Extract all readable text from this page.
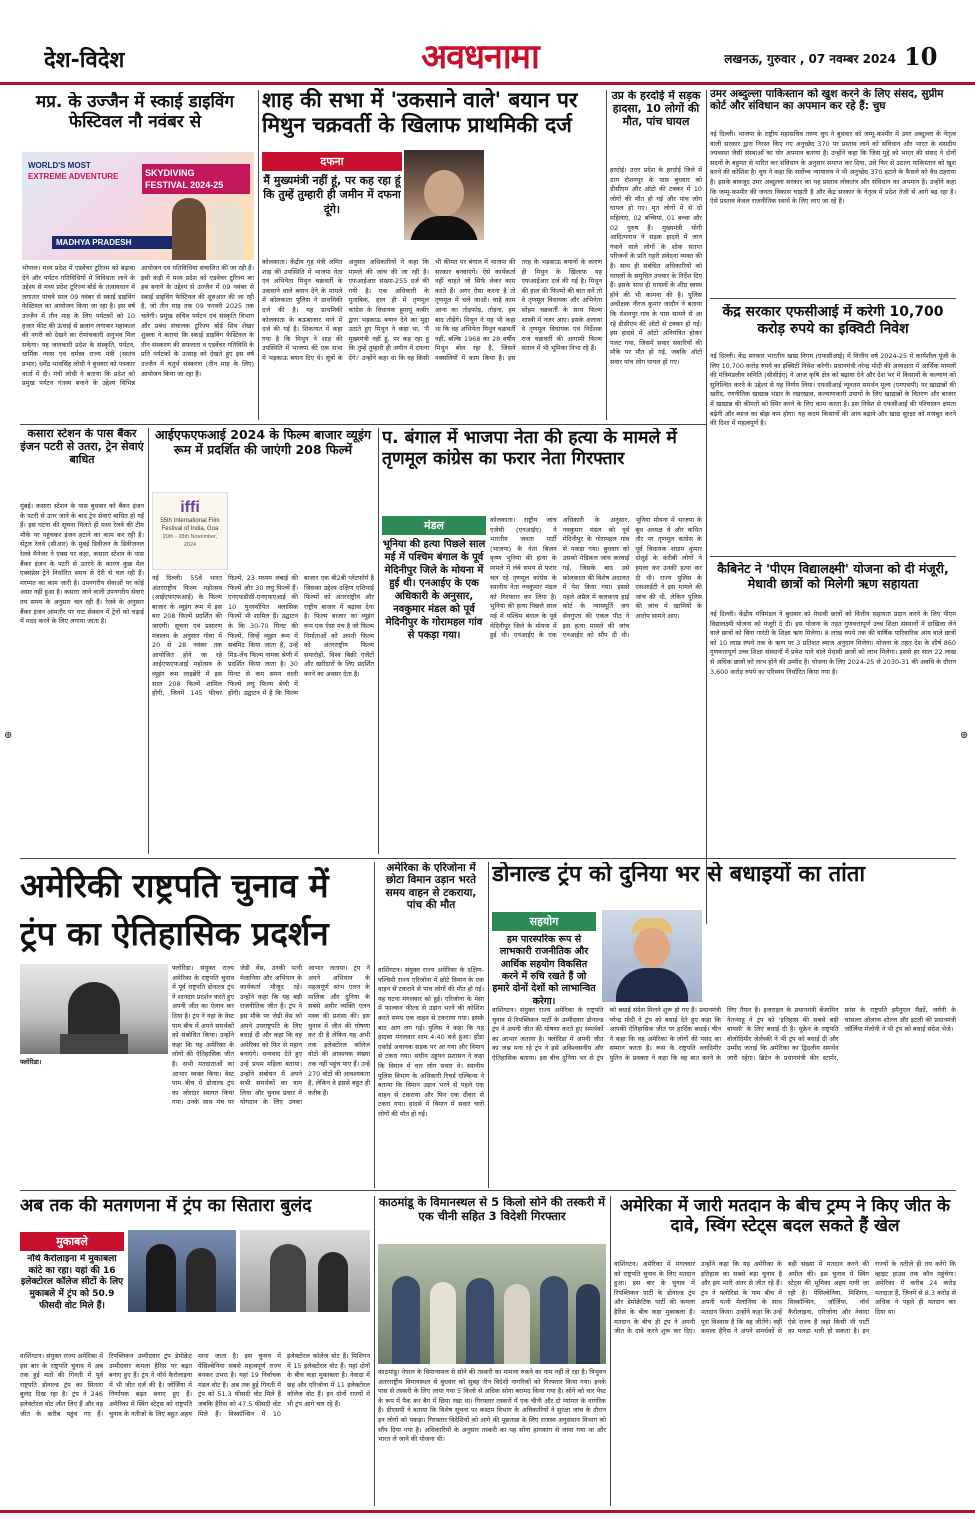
देश-विदेश	अवधनामा	लखनऊ, गुरुवार , 07 नवम्बर 2024 10
मप्र. के उज्जैन में स्काई डाइविंग फेस्टिवल नौ नवंबर से
WORLD'S MOST
EXTREME ADVENTURE	SKYDIVING
FESTIVAL 2024-25
MADHYA PRADESH
भोपाल। मध्य प्रदेश में एडवेंचर टूरिज्म को बढ़ावा देने और पर्यटन गतिविधियों में विविधता लाने के उद्देश्य से मध्य प्रदेश टूरिज्म बोर्ड के तत्वावधान में लगातार पांचवे साल 09 नवंबर से स्काई डाइविंग फेस्टिवल का आयोजन किया जा रहा है। इस वर्ष उज्जैन में तीन माह के लिए पर्यटकों को 10 हजार फीट की ऊंचाई से छलांग लगाकर महाकाल की नगरी को देखने का रोमांचकारी अनुभव मिल सकेगा। यह जानकारी प्रदेश के संस्कृति, पर्यटन, धार्मिक न्यास एवं धर्मस्व राज्य मंत्री (स्वतंत्र प्रभार) धर्मेंद्र भावसिंह लोधी ने बुधवार को पत्रकार वार्ता में दी। मंत्री लोधी ने बताया कि प्रदेश को प्रमुख पर्यटन गंतव्य बनाने के उद्देश्य विभिन्न आयोजन एवं गतिविधियां संचालित की जा रही हैं। इसी कड़ी में मध्य प्रदेश को एडवेंचर टूरिज्म का हब बनाने के उद्देश्य से उज्जैन में 09 नवंबर से स्काई डाइविंग फेस्टिवल की शुरुआत की जा रही है, जो तीन माह तक 09 फरवरी 2025 तक चलेगी। प्रमुख सचिव पर्यटन एवं संस्कृति विभाग और प्रबंध संचालक टूरिज्म बोर्ड शिव शेखर शुक्ला ने बताया कि स्काई डाइविंग फेस्टिवल के तीन संस्करण की सफलता व एडवेंचर गतिविधि के प्रति पर्यटकों के उत्साह को देखते हुए इस वर्ष उज्जैन में चतुर्थ संस्करण (तीन माह के लिए) आयोजन किया जा रहा है।
शाह की सभा में 'उकसाने वाले' बयान पर मिथुन चक्रवर्ती के खिलाफ प्राथमिकी दर्ज
दफना
मैं मुख्यमंत्री नहीं हूं, पर कह रहा हूं कि तुम्हें तुम्हारी ही जमीन में दफना दूंगे।
कोलकाता। केंद्रीय गृह मंत्री अमित शाह की उपस्थिति में भाजपा नेता एवं अभिनेता मिथुन चक्रवर्ती के उकसाने वाले बयान देने के मामले में कोलकाता पुलिस ने प्राथमिकी दर्ज की है। यह प्राथमिकी कोलकाता के बऊबाजार थाने में दर्ज की गई है। शिकायत में कहा गया है कि मिथुन ने शाह की उपस्थिति में भाजपा की एक सभा में भड़काऊ बयान दिए थे। सूत्रों के अनुसार अधिकारियों ने कहा कि मामले की जांच की जा रही है। एफआईआर संख्या-255 दर्ज की गयी है। एक अधिकारी के मुताबिक, हाल ही में तृणमूल कांग्रेस के विधायक हुमायूं कबीर द्वारा भड़काऊ बयान देने का मुद्दा उठाते हुए मिथुन ने कहा था, 'मैं मुख्यमंत्री नहीं हूं, पर कह रहा हूं कि तुम्हें तुम्हारी ही जमीन में दफना देंगे।' उन्होंने कहा था कि वह किसी भी कीमत पर बंगाल में भाजपा की सरकार बनवाएंगे। ऐसे कार्यकर्ता नहीं चाहते जो सिर्फ लेकर काम करते हैं। अगर ऐसा करना है तो तृणमूल में चले जाओ। चाहे काम आना का तोड़फोड़, तोड़ना, हम बाद तोड़ेंगे। मिथुन ने यह भी कहा था कि वह अभिनेता मिथुन चक्रवर्ती नहीं, बल्कि 1968 का 28 वर्षीय मिथुन बोल रहा है, जिसने नक्सलियों में काम किया है। इस तरह के भड़काऊ बयानों के कारण ही मिथुन के खिलाफ यह एफआईआर दर्ज की गई है। मिथुन की हाल की फिल्मों की बात करें तो वे तृणमूल विधायक और अभिनेता सोहम चक्रवर्ती के साथ फिल्म शास्त्री में नजर आए। इसके अलावा वे तृणमूल विधायक एवं निर्देशक राज चक्रवर्ती की आगामी फिल्म संतान में भी भूमिका निभा रहे हैं।
उप्र के हरदोई में सड़क हादसा, 10 लोगों की मौत, पांच घायल
हरदोई। उत्तर प्रदेश के हरदोई जिले में ग्राम रोशनपुर के पास बुधवार को डीसीएम और ऑटो की टक्कर में 10 लोगों की मौत हो गई और पांच लोग घायल हो गए। मृत लोगों में से दो महिलाएं, 02 बच्चियां, 01 बच्चा और 02 पुरुष हैं। मुख्यमंत्री योगी आदित्यनाथ ने सड़क हादसे में जान गंवाने वाले लोगों के शोक संतप्त परिजनों के प्रति गहरी संवेदना व्यक्त की है। साथ ही संबंधित अधिकारियों को घायलों के समुचित उपचार के निर्देश दिए हैं। इसके साथ ही घायलों के शीघ्र स्वस्थ होने की भी कामना की है। पुलिस अधीक्षक नीरज कुमार जादौन ने बताया कि रोशनपुर गांव के पास सामने से आ रहे डीसीएम की ऑटो से टक्कर हो गई। इस हादसे में ऑटो अनियंत्रित होकर पलट गया, जिसमें सवार सवारियों की मौके पर मौत हो गई, जबकि ऑटो सवार पांच लोग घायल हो गए।
उमर अब्दुल्ला पाकिस्तान को खुश करने के लिए संसद, सुप्रीम कोर्ट और संविधान का अपमान कर रहे हैं: चुघ
नई दिल्ली। भाजपा के राष्ट्रीय महासचिव तरुण चुघ ने बुधवार को जम्मू-कश्मीर में उमर अब्दुल्ला के नेतृत्व वाली सरकार द्वारा निरस्त किए गए अनुच्छेद 370 पर प्रस्ताव लाने को संविधान और भारत के संसदीय ज्यवस्था जैसी संस्थाओं का घोर अपमान बताया है। उन्होंने कहा कि जिस मुद्दे को भारत की संसद ने दोनों सदनों के बहुमत से पारित कर संविधान के अनुसार समाप्त कर दिया, उसे फिर से उठाना पाकिस्तान को खुश करने की कोशिश है। चुघ ने कहा कि सर्वोच्च न्यायालय ने भी अनुच्छेद 370 हटाने के फैसले को वैध ठहराया है। इसके बावजूद उमर अब्दुल्ला सरकार का यह प्रस्ताव लोकतंत्र और संविधान का अपमान है। उन्होंने कहा कि जम्मू-कश्मीर की जनता विकास चाहती है और केंद्र सरकार के नेतृत्व में प्रदेश तेजी से आगे बढ़ रहा है। ऐसे प्रस्ताव केवल राजनीतिक स्वार्थ के लिए लाए जा रहे हैं।
केंद्र सरकार एफसीआई में करेगी 10,700 करोड़ रुपये का इक्विटी निवेश
नई दिल्ली। केंद्र सरकार भारतीय खाद्य निगम (एफसीआई) में वित्तीय वर्ष 2024-25 में कार्यशील पूंजी के लिए 10,700 करोड़ रुपये का इक्विटी निवेश करेगी। प्रधानमंत्री नरेन्द्र मोदी की अध्यक्षता में आर्थिक मामलों की मंत्रिमंडलीय समिति (सीसीईए) ने आज कृषि क्षेत्र को बढ़ावा देने और देश भर में किसानों के कल्याण को सुनिश्चित करने के उद्देश्य से यह निर्णय लिया। एफसीआई न्यूनतम समर्थन मूल्य (एमएसपी) पर खाद्यान्नों की खरीद, रणनीतिक खाद्यान्न भंडार के रखरखाव, कल्याणकारी उपायों के लिए खाद्यान्नों के वितरण और बाजार में खाद्यान्न की कीमतों को स्थिर करने के लिए काम करता है। इस निवेश से एफसीआई की परिचालन क्षमता बढ़ेगी और ब्याज का बोझ कम होगा। यह कदम किसानों की आय बढ़ाने और खाद्य सुरक्षा को मजबूत करने की दिशा में महत्वपूर्ण है।
कैबिनेट ने 'पीएम विद्यालक्ष्मी' योजना को दी मंजूरी, मेधावी छात्रों को मिलेगी ऋण सहायता
नई दिल्ली। केंद्रीय मंत्रिमंडल ने बुधवार को मेधावी छात्रों को वित्तीय सहायता प्रदान करने के लिए पीएम विद्यालक्ष्मी योजना को मंजूरी दे दी। इस योजना के तहत गुणवत्तापूर्ण उच्च शिक्षा संस्थानों में दाखिला लेने वाले छात्रों को बिना गारंटी के शिक्षा ऋण मिलेगा। 8 लाख रुपये तक की वार्षिक पारिवारिक आय वाले छात्रों को 10 लाख रुपये तक के ऋण पर 3 प्रतिशत ब्याज अनुदान मिलेगा। योजना के तहत देश के शीर्ष 860 गुणवत्तापूर्ण उच्च शिक्षा संस्थानों में प्रवेश पाने वाले मेधावी छात्रों को लाभ मिलेगा। इससे हर साल 22 लाख से अधिक छात्रों को लाभ होने की उम्मीद है। योजना के लिए 2024-25 से 2030-31 की अवधि के दौरान 3,600 करोड़ रुपये का परिव्यय निर्धारित किया गया है।
कसारा स्टेशन के पास बैंकर इंजन पटरी से उतरा, ट्रेन सेवाएं बाधित
मुंबई। कसारा स्टेशन के पास बुधवार को बैंकर इंजन के पटरी से उतर जाने के बाद ट्रेन सेवाएं बाधित हो गईं हैं। इस घटना की सूचना मिलते ही मध्य रेलवे की टीम मौके पर पहुंचकर इंजन हटाने का काम कर रही है। सेंट्रल रेलवे (सीआर) के मुंबई डिवीजन के डिवीजनल रेलवे मैनेजर ने एक्स पर कहा, कसारा स्टेशन के पास बैंकर इंजन के पटरी से उतरने के कारण कुछ मेल एक्सप्रेस ट्रेनें निर्धारित समय से देरी से चल रही हैं। मरम्मत का काम जारी है। उपनगरीय सेवाओं पर कोई असर नहीं हुआ है। कसारा जाने वाली उपनगरीय सेवाएं तय समय के अनुसार चल रही हैं। रेलवे के अनुसार बैंकर इंजन आमतौर पर घाट सेक्शन में ट्रेनों को चढ़ाई में मदद करने के लिए लगाया जाता है।
आईएफएफआई 2024 के फिल्म बाजार व्यूइंग रूम में प्रदर्शित की जाएंगी 208 फिल्में
iffi
55th International Film Festival of India, Goa
20th - 28th November, 2024
नई दिल्ली। 55वें भारत अंतरराष्ट्रीय फिल्म महोत्सव (आईएफएफआई) के फिल्म बाजार के व्यूइंग रूम में इस बार 208 फिल्में प्रदर्शित की जाएंगी। सूचना एवं प्रसारण मंत्रालय के अनुसार गोवा में 20 से 28 नवंबर तक आयोजित होने जा रहे आईएफएफआई महोत्सव के व्यूइंग रूम लाइब्रेरी में इस साल 208 फिल्में शामिल होंगी, जिनमें 145 फीचर फिल्में, 23 मध्यम लंबाई की फिल्में और 30 लघु फिल्में हैं। एनएफडीसी-एनएफएआई की 10 पुनर्स्थापित क्लासिक फिल्में भी शामिल हैं। उद्घाटन के कि 30-70 मिनट की फिल्में, जिन्हें व्यूइंग रूम में सबमिट किया जाता है, उन्हें मिड-लेंथ फिल्म नामक श्रेणी में प्रदर्शित किया जाता है। 30 मिनट से कम समय वाली फिल्में लघु फिल्म श्रेणी में होंगी। उद्घाटन में है कि फिल्म बाजार एक बी2बी प्लेटफॉर्म है जिसका उद्देश्य दक्षिण एशियाई फिल्मों को अंतरराष्ट्रीय और राष्ट्रीय बाजार में बढ़ावा देना है। फिल्म बाजार का व्यूइंग रूम एक ऐसा मंच है जो फिल्म निर्माताओं को अपनी फिल्म को अंतरराष्ट्रीय फिल्म समारोहों, विश्व बिक्री एजेंटों और खरीदारों के लिए प्रदर्शित करने का अवसर देता है।
प. बंगाल में भाजपा नेता की हत्या के मामले में तृणमूल कांग्रेस का फरार नेता गिरफ्तार
मंडल
भूनिया की हत्या पिछले साल मई में पश्चिम बंगाल के पूर्व मेदिनीपुर जिले के मोयना में हुई थी। एनआईए के एक अधिकारी के अनुसार, नवकुमार मंडल को पूर्व मेदिनीपुर के गोरामहल गांव से पकड़ा गया।
कोलकाता। राष्ट्रीय जांच एजेंसी (एनआईए) ने भारतीय जनता पार्टी (भाजपा) के नेता बिजन कृष्ण भूनिया की हत्या के मामले में लंबे समय से फरार चल रहे तृणमूल कांग्रेस के स्थानीय नेता नवकुमार मंडल को गिरफ्तार कर लिया है। भूनिया की हत्या पिछले साल मई में पश्चिम बंगाल के पूर्व मेदिनीपुर जिले के मोयना में हुई थी। एनआईए के एक अधिकारी के अनुसार, नवकुमार मंडल को पूर्व मेदिनीपुर के गोरामहल गांव से पकड़ा गया। बुधवार को उसको मेडिकल जांच करवाई गई, जिसके बाद उसे कोलकाता की विशेष अदालत में पेश किया गया। इससे पहले अप्रैल में कलकत्ता हाई कोर्ट के न्यायमूर्ति जय सेनगुप्ता की एकल पीठ ने इस हत्या मामले की जांच एनआईए को सौंप दी थी। भूनिया मोयना में भाजपा के बूथ अध्यक्ष थे और कथित तौर पर तृणमूल कांग्रेस के पूर्व विधायक संग्राम कुमार दोलुई के करीबी लोगों ने हमला कर उनकी हत्या कर दी थी। राज्य पुलिस के एसआईटी ने इस मामले की जांच की थी, लेकिन पुलिस की जांच में खामियों के आरोप सामने आए।
अमेरिकी राष्ट्रपति चुनाव में ट्रंप का ऐतिहासिक प्रदर्शन
फ्लोरिडा।
फ्लोरिडा। संयुक्त राज्य अमेरिका के राष्ट्रपति चुनाव में पूर्व राष्ट्रपति डोनाल्ड ट्रंप ने शानदार प्रदर्शन करते हुए अपनी जीत का ऐलान कर दिया है। ट्रंप ने यहां के वेस्ट पाम बीच में अपने समर्थकों को संबोधित किया। उन्होंने कहा कि यह अमेरिका के लोगों की ऐतिहासिक जीत है। सभी मतदाताओं का आभार व्यक्त किया। वेस्ट पाम बीच में डोनाल्ड ट्रंप का जोरदार स्वागत किया गया। उनके साथ मंच पर जेडी वेंस, उनकी पत्नी मेलानिया और अभियान के कार्यकर्ता मौजूद रहे। उन्होंने कहा कि यह बड़ी राजनीतिक जीत है। ट्रंप ने इस मौके पर जेडी वेंस को अपने उपराष्ट्रपति के लिए बधाई दी और कहा कि वह अमेरिका को फिर से महान बनाएंगे। धन्यवाद देते हुए उन्हें प्रथम महिला बताया। उन्होंने संबोधन में अपने सभी समर्थकों का नाम लिया और चुनाव प्रचार में योगदान के लिए उनका आभार जताया। ट्रंप ने अपने अभियान के महत्वपूर्ण स्तंभ एलन के मालिक और दुनिया के सबसे अमीर व्यक्ति एलन मस्क की प्रशंसा की। इस चुनाव में जीत की घोषणा कर दी है लेकिन यह अभी तक इलेक्टोरल कॉलेज वोटों की आवश्यक संख्या तक नहीं पहुंच पाए हैं। उन्हें 270 वोटों की आवश्यकता है, लेकिन वे इससे बहुत ही करीब हैं।
अमेरिका के एरिजोना में छोटा विमान उड़ान भरते समय वाहन से टकराया, पांच की मौत
वाशिंगटन। संयुक्त राज्य अमेरिका के दक्षिण-पश्चिमी राज्य एरिजोना में छोटे विमान के एक वाहन से टकराने से पांच लोगों की मौत हो गई। यह घटना मंगलवार को हुई। एरिजोना के मेसा में फाल्कन फील्ड से उड़ान भरने की कोशिश करते समय एक वाहन से टकराया गया। इसके बाद आग लग गई। पुलिस ने कहा कि यह हादसा मंगलवार शाम 4:40 बजे हुआ। होंडा एकॉर्ड अचानक सड़क पर आ गया और विमान से टकरा गया। संघीय उड्डयन प्रशासन ने कहा कि विमान में चार लोग सवार थे। स्थानीय पुलिस विभाग के अधिकारी रिचर्ड एल्किन्स ने बताया कि विमान उड़ान भरने से पहले एक वाहन से टकराया और फिर एक दीवार से टकरा गया। हादसे में विमान में सवार चारों लोगों की मौत हो गई।
डोनाल्ड ट्रंप को दुनिया भर से बधाइयों का तांता
सहयोग
हम पारस्परिक रूप से लाभकारी राजनीतिक और आर्थिक सहयोग विकसित करने में रुचि रखते हैं जो हमारे दोनों देशों को लाभान्वित करेगा।
वाशिंगटन। संयुक्त राज्य अमेरिका के राष्ट्रपति चुनाव में रिपब्लिकन पार्टी के उम्मीदवार डोनाल्ड ट्रंप ने अपनी जीत की घोषणा करते हुए समर्थकों का आभार जताया है। फ्लोरिडा में अपनी जीत का जश्न मना रहे ट्रंप ने इसे अविश्वसनीय और ऐतिहासिक बताया। इस बीच दुनिया भर से ट्रंप को बधाई संदेश मिलने शुरू हो गए हैं। प्रधानमंत्री नरेन्द्र मोदी ने ट्रंप को बधाई देते हुए कहा कि आपकी ऐतिहासिक जीत पर हार्दिक बधाई। चीन ने कहा कि वह अमेरिका के लोगों की पसंद का सम्मान करता है। रूस के राष्ट्रपति व्लादिमीर पुतिन के प्रवक्ता ने कहा कि वह बात करने के लिए तैयार हैं। इजराइल के प्रधानमंत्री बेंजामिन नेतन्याहू ने ट्रंप को 'इतिहास की सबसे बड़ी वापसी' के लिए बधाई दी है। यूक्रेन के राष्ट्रपति वोलोदिमीर जेलेंस्की ने भी ट्रंप को बधाई दी और उम्मीद जताई कि अमेरिका का द्विदलीय समर्थन जारी रहेगा। ब्रिटेन के प्रधानमंत्री कीर स्टार्मर, फ्रांस के राष्ट्रपति इमैनुएल मैक्रों, जर्मनी के चांसलर ओलाफ शोल्ज और इटली की प्रधानमंत्री जॉर्जिया मेलोनी ने भी ट्रंप को बधाई संदेश भेजे।
अब तक की मतगणना में ट्रंप का सितारा बुलंद
मुकाबले
नॉर्थ कैरोलाइना में मुकाबला कांटे का रहा। यहां की 16 इलेक्टोरल कॉलेज सीटों के लिए मुकाबले में ट्रंप को 50.9 फीसदी वोट मिले हैं।
वाशिंगटन। संयुक्त राज्य अमेरिका में इस बार के राष्ट्रपति चुनाव में अब तक हुई मतों की गिनती में पूर्व राष्ट्रपति डोनाल्ड ट्रंप का सितारा बुलंद दिख रहा है। ट्रंप ने 246 इलेक्टोरल वोट जीत लिए हैं और वह जीत के करीब पहुंच गए हैं। रिपब्लिकन उम्मीदवार ट्रंप डेमोक्रेट उम्मीदवार कमला हैरिस पर बढ़त बनाए हुए हैं। ट्रंप ने नॉर्थ कैरोलाइना में भी जीत दर्ज की है। जॉर्जिया में निर्णायक बढ़त बनाए हुए हैं। अमेरिका में स्विंग स्टेट्स को राष्ट्रपति चुनाव के नतीजों के लिए बहुत अहम माना जाता है। इस चुनाव में पेंसिल्वेनिया सबसे महत्वपूर्ण राज्य बनकर उभरा है। यहां 19 निर्वाचक मंडल वोट हैं। अब तक हुई गिनती में ट्रंप को 51.3 फीसदी वोट मिले हैं जबकि हैरिस को 47.5 फीसदी वोट मिले हैं। विस्कॉन्सिन में 10 इलेक्टोरल कॉलेज वोट हैं। मिशिगन में 15 इलेक्टोरल वोट हैं। यहां दोनों के बीच कड़ा मुकाबला है। नेवादा में छह और एरिजोना में 11 इलेक्टोरल कॉलेज वोट हैं। इन दोनों राज्यों में भी ट्रंप आगे चल रहे हैं।
काठमांडू के विमानस्थल से 5 किलो सोने की तस्करी में एक चीनी सहित 3 विदेशी गिरफ्तार
काठमांडू। नेपाल के विमानस्थल से सोने की तस्करी का मामला रुकने का नाम नहीं ले रहा है। त्रिभुवन अंतरराष्ट्रीय विमानस्थल से बुधवार को सुबह तीन विदेशी नागरिकों को गिरफ्तार किया गया। इनके पास से तस्करी के लिए लाया गया 5 किलो से अधिक सोना बरामद किया गया है। सोने को चार पेस्ट के रूप में पैक कर बैग में छिपा रखा था। गिरफ्तार तस्करों में एक चीनी और दो म्यांमार के नागरिक हैं। डीएसपी ने बताया कि विशेष सूचना पर कस्टम विभाग के अधिकारियों ने सुरक्षा जांच के दौरान इन लोगों को पकड़ा। गिरफ्तार विदेशियों को आगे की पूछताछ के लिए राजस्व अनुसंधान विभाग को सौंप दिया गया है। अधिकारियों के अनुसार तस्करी का यह सोना हांगकांग से लाया गया था और भारत ले जाने की योजना थी।
अमेरिका में जारी मतदान के बीच ट्रम्प ने किए जीत के दावे, स्विंग स्टेट्स बदल सकते हैं खेल
वाशिंगटन। अमेरिका में मंगलवार को राष्ट्रपति चुनाव के लिए मतदान हुआ। इस बार के चुनाव में रिपब्लिकन पार्टी के डोनाल्ड ट्रंप और डेमोक्रेटिक पार्टी की कमला हैरिस के बीच कड़ा मुकाबला है। मतदान के बीच ही ट्रंप ने अपनी जीत के दावे करने शुरू कर दिए। उन्होंने कहा कि यह अमेरिका के इतिहास का सबसे बड़ा चुनाव है और हम भारी अंतर से जीत रहे हैं। ट्रंप ने फ्लोरिडा के पाम बीच में अपनी पत्नी मेलानिया के साथ मतदान किया। उन्होंने कहा कि उन्हें पूरा विश्वास है कि वह जीतेंगे। वहीं कमला हैरिस ने अपने समर्थकों से बड़ी संख्या में मतदान करने की अपील की। इस चुनाव में स्विंग स्टेट्स की भूमिका अहम मानी जा रही है। पेंसिल्वेनिया, मिशिगन, विस्कॉन्सिन, जॉर्जिया, नॉर्थ कैरोलाइना, एरिजोना और नेवादा ऐसे राज्य हैं जहां किसी भी पार्टी का पलड़ा भारी हो सकता है। इन राज्यों के नतीजे ही तय करेंगे कि व्हाइट हाउस तक कौन पहुंचेगा। अमेरिका में करीब 24 करोड़ मतदाता हैं, जिनमें से 8.3 करोड़ से अधिक ने पहले ही मतदान कर दिया था।
⊕	⊕
